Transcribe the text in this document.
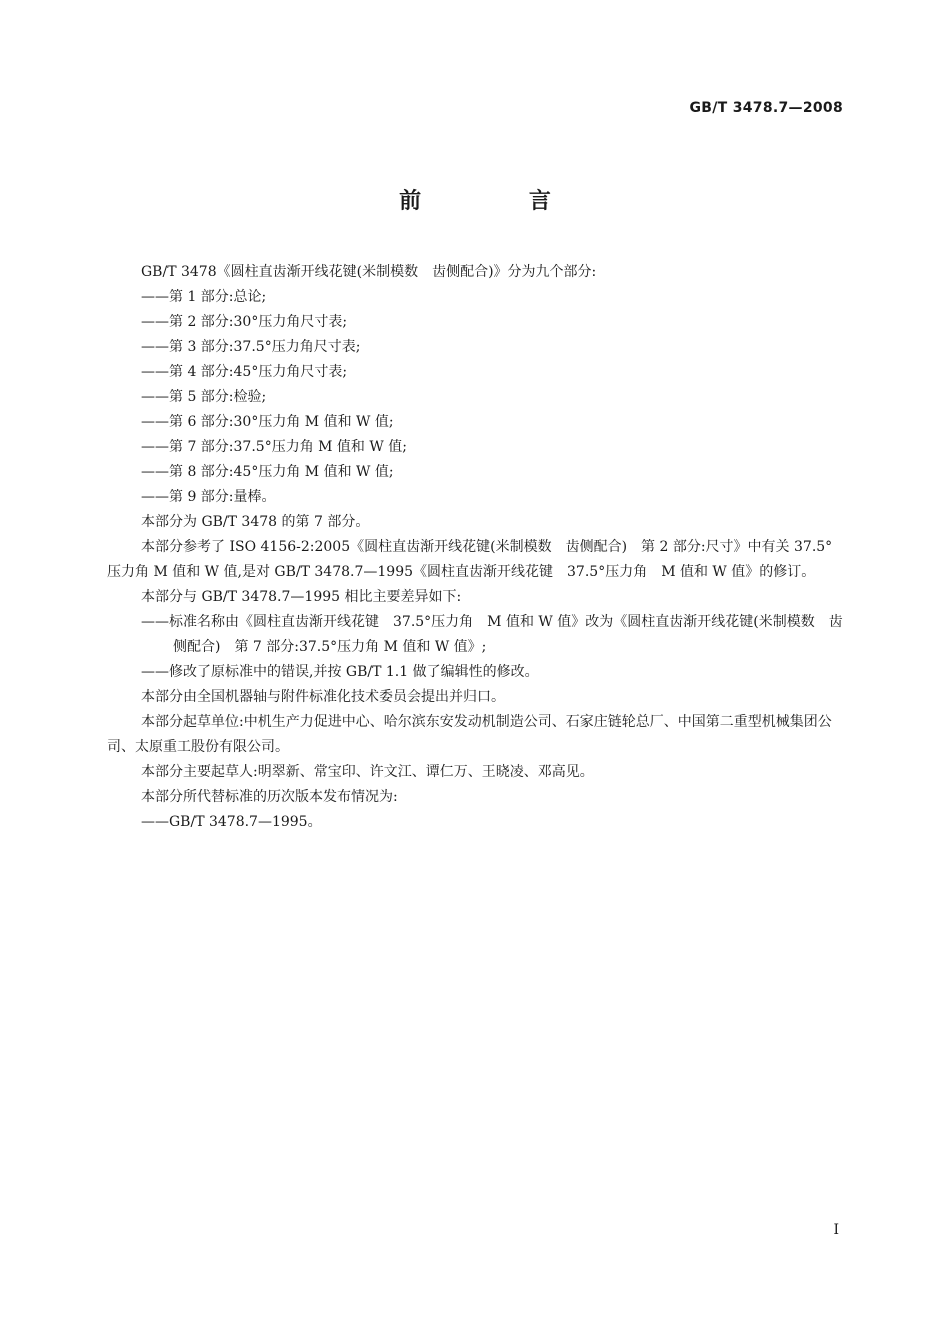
GB/T 3478.7—2008
前 言

GB/T 3478《圆柱直齿渐开线花键(米制模数　齿侧配合)》分为九个部分:

——第 1 部分:总论;

——第 2 部分:30°压力角尺寸表;

——第 3 部分:37.5°压力角尺寸表;

——第 4 部分:45°压力角尺寸表;

——第 5 部分:检验;

——第 6 部分:30°压力角 M 值和 W 值;

——第 7 部分:37.5°压力角 M 值和 W 值;

——第 8 部分:45°压力角 M 值和 W 值;

——第 9 部分:量棒。

本部分为 GB/T 3478 的第 7 部分。

本部分参考了 ISO 4156-2:2005《圆柱直齿渐开线花键(米制模数　齿侧配合)　第 2 部分:尺寸》中有关 37.5°压力角 M 值和 W 值,是对 GB/T 3478.7—1995《圆柱直齿渐开线花键　37.5°压力角　M 值和 W 值》的修订。

本部分与 GB/T 3478.7—1995 相比主要差异如下:

——标准名称由《圆柱直齿渐开线花键　37.5°压力角　M 值和 W 值》改为《圆柱直齿渐开线花键(米制模数　齿侧配合)　第 7 部分:37.5°压力角 M 值和 W 值》;

——修改了原标准中的错误,并按 GB/T 1.1 做了编辑性的修改。

本部分由全国机器轴与附件标准化技术委员会提出并归口。

本部分起草单位:中机生产力促进中心、哈尔滨东安发动机制造公司、石家庄链轮总厂、中国第二重型机械集团公司、太原重工股份有限公司。

本部分主要起草人:明翠新、常宝印、许文江、谭仁万、王晓凌、邓高见。

本部分所代替标准的历次版本发布情况为:

——GB/T 3478.7—1995。

I
